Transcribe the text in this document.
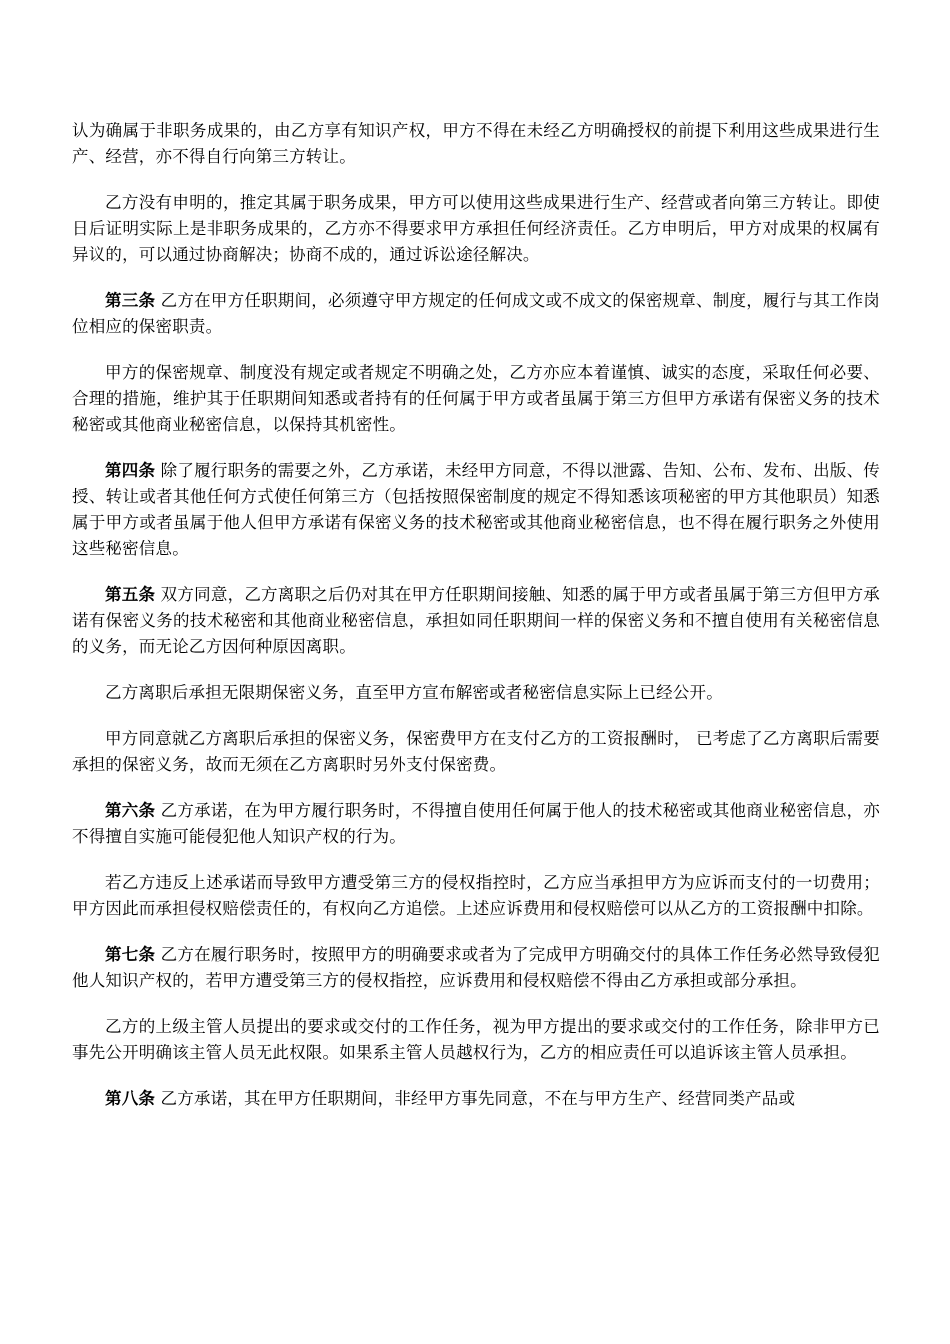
认为确属于非职务成果的，由乙方享有知识产权，甲方不得在未经乙方明确授权的前提下利用这些成果进行生产、经营，亦不得自行向第三方转让。

乙方没有申明的，推定其属于职务成果，甲方可以使用这些成果进行生产、经营或者向第三方转让。即使日后证明实际上是非职务成果的，乙方亦不得要求甲方承担任何经济责任。乙方申明后，甲方对成果的权属有异议的，可以通过协商解决；协商不成的，通过诉讼途径解决。

第三条 乙方在甲方任职期间，必须遵守甲方规定的任何成文或不成文的保密规章、制度，履行与其工作岗位相应的保密职责。

甲方的保密规章、制度没有规定或者规定不明确之处，乙方亦应本着谨慎、诚实的态度，采取任何必要、合理的措施，维护其于任职期间知悉或者持有的任何属于甲方或者虽属于第三方但甲方承诺有保密义务的技术秘密或其他商业秘密信息，以保持其机密性。

第四条 除了履行职务的需要之外，乙方承诺，未经甲方同意，不得以泄露、告知、公布、发布、出版、传授、转让或者其他任何方式使任何第三方（包括按照保密制度的规定不得知悉该项秘密的甲方其他职员）知悉属于甲方或者虽属于他人但甲方承诺有保密义务的技术秘密或其他商业秘密信息，也不得在履行职务之外使用这些秘密信息。

第五条 双方同意，乙方离职之后仍对其在甲方任职期间接触、知悉的属于甲方或者虽属于第三方但甲方承诺有保密义务的技术秘密和其他商业秘密信息，承担如同任职期间一样的保密义务和不擅自使用有关秘密信息的义务，而无论乙方因何种原因离职。

乙方离职后承担无限期保密义务，直至甲方宣布解密或者秘密信息实际上已经公开。

甲方同意就乙方离职后承担的保密义务，保密费甲方在支付乙方的工资报酬时， 已考虑了乙方离职后需要承担的保密义务，故而无须在乙方离职时另外支付保密费。

第六条 乙方承诺，在为甲方履行职务时，不得擅自使用任何属于他人的技术秘密或其他商业秘密信息，亦不得擅自实施可能侵犯他人知识产权的行为。

若乙方违反上述承诺而导致甲方遭受第三方的侵权指控时，乙方应当承担甲方为应诉而支付的一切费用；甲方因此而承担侵权赔偿责任的，有权向乙方追偿。上述应诉费用和侵权赔偿可以从乙方的工资报酬中扣除。

第七条 乙方在履行职务时，按照甲方的明确要求或者为了完成甲方明确交付的具体工作任务必然导致侵犯他人知识产权的，若甲方遭受第三方的侵权指控，应诉费用和侵权赔偿不得由乙方承担或部分承担。

乙方的上级主管人员提出的要求或交付的工作任务，视为甲方提出的要求或交付的工作任务，除非甲方已事先公开明确该主管人员无此权限。如果系主管人员越权行为，乙方的相应责任可以追诉该主管人员承担。

第八条 乙方承诺，其在甲方任职期间，非经甲方事先同意，不在与甲方生产、经营同类产品或
